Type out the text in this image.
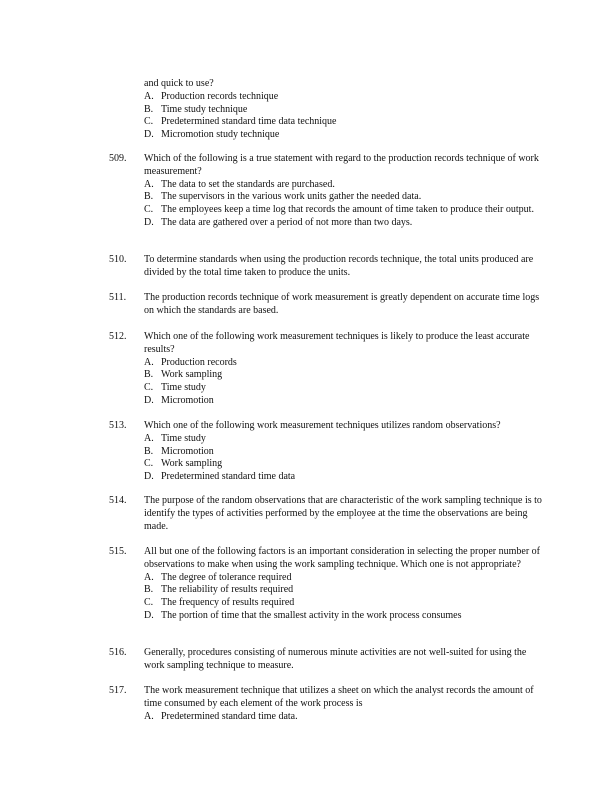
and quick to use?
A. Production records technique
B. Time study technique
C. Predetermined standard time data technique
D. Micromotion study technique
509.	Which of the following is a true statement with regard to the production records technique of work measurement?
A. The data to set the standards are purchased.
B. The supervisors in the various work units gather the needed data.
C. The employees keep a time log that records the amount of time taken to produce their output.
D. The data are gathered over a period of not more than two days.
510.	To determine standards when using the production records technique, the total units produced are divided by the total time taken to produce the units.
511.	The production records technique of work measurement is greatly dependent on accurate time logs on which the standards are based.
512.	Which one of the following work measurement techniques is likely to produce the least accurate results?
A. Production records
B. Work sampling
C. Time study
D. Micromotion
513.	Which one of the following work measurement techniques utilizes random observations?
A. Time study
B. Micromotion
C. Work sampling
D. Predetermined standard time data
514.	The purpose of the random observations that are characteristic of the work sampling technique is to identify the types of activities performed by the employee at the time the observations are being made.
515.	All but one of the following factors is an important consideration in selecting the proper number of observations to make when using the work sampling technique. Which one is not appropriate?
A. The degree of tolerance required
B. The reliability of results required
C. The frequency of results required
D. The portion of time that the smallest activity in the work process consumes
516.	Generally, procedures consisting of numerous minute activities are not well-suited for using the work sampling technique to measure.
517.	The work measurement technique that utilizes a sheet on which the analyst records the amount of time consumed by each element of the work process is
A. Predetermined standard time data.
